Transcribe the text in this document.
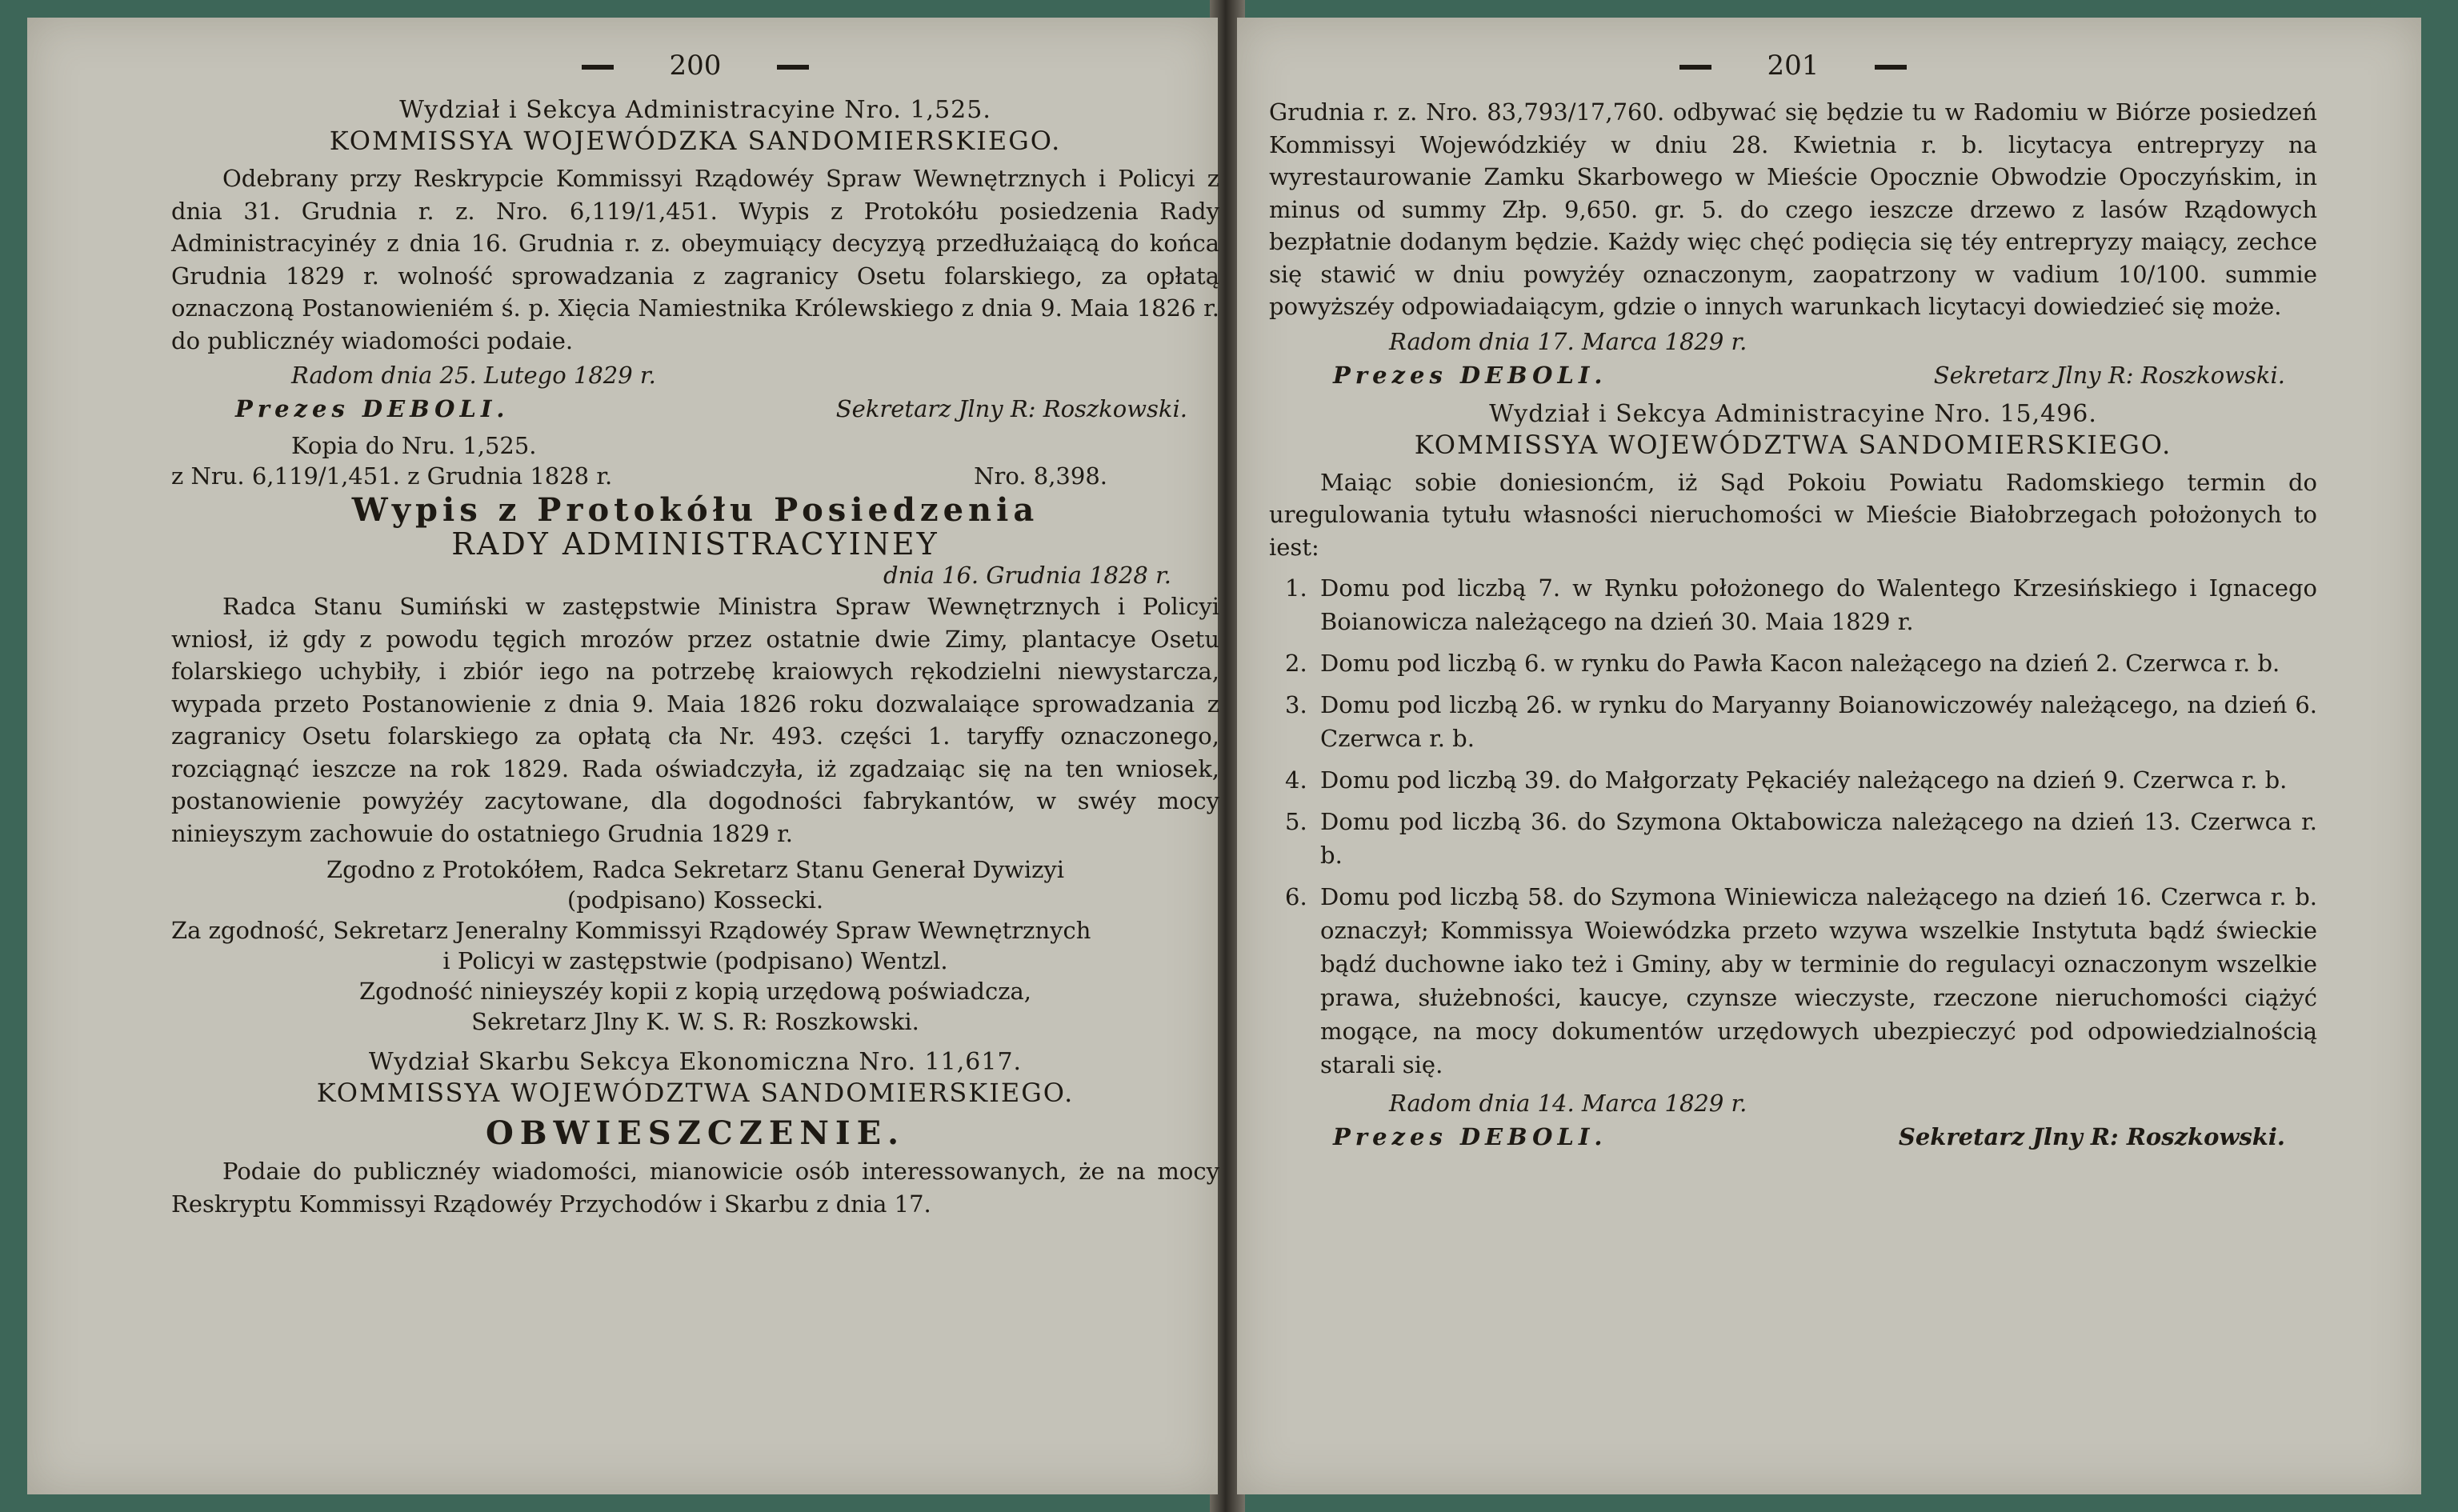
200

Wydział i Sekcya Administracyine Nro. 1,525.

KOMMISSYA WOJEWÓDZKA SANDOMIERSKIEGO.

Odebrany przy Reskrypcie Kommissyi Rządowéy Spraw Wewnętrznych i Policyi z dnia 31. Grudnia r. z. Nro. 6,119/1,451. Wypis z Protokółu posiedzenia Rady Administracyinéy z dnia 16. Grudnia r. z. obeymuiący decyzyą przedłużaiącą do końca Grudnia 1829 r. wolność sprowadzania z zagranicy Osetu folarskiego, za opłatą oznaczoną Postanowieniém ś. p. Xięcia Namiestnika Królewskiego z dnia 9. Maia 1826 r. do publicznéy wiadomości podaie.

Radom dnia 25. Lutego 1829 r.

Prezes DEBOLI.	Sekretarz Jlny R: Roszkowski.

Kopia do Nru. 1,525.

z Nru. 6,119/1,451. z Grudnia 1828 r.	Nro. 8,398.

Wypis z Protokółu Posiedzenia

RADY ADMINISTRACYINEY

dnia 16. Grudnia 1828 r.

Radca Stanu Sumiński w zastępstwie Ministra Spraw Wewnętrznych i Policyi wniosł, iż gdy z powodu tęgich mrozów przez ostatnie dwie Zimy, plantacye Osetu folarskiego uchybiły, i zbiór iego na potrzebę kraiowych rękodzielni niewystarcza, wypada przeto Postanowienie z dnia 9. Maia 1826 roku dozwalaiące sprowadzania z zagranicy Osetu folarskiego za opłatą cła Nr. 493. części 1. taryffy oznaczonego, rozciągnąć ieszcze na rok 1829. Rada oświadczyła, iż zgadzaiąc się na ten wniosek, postanowienie powyżéy zacytowane, dla dogodności fabrykantów, w swéy mocy ninieyszym zachowuie do ostatniego Grudnia 1829 r.

Zgodno z Protokółem, Radca Sekretarz Stanu Generał Dywizyi

(podpisano) Kossecki.

Za zgodność, Sekretarz Jeneralny Kommissyi Rządowéy Spraw Wewnętrznych

i Policyi w zastępstwie (podpisano) Wentzl.

Zgodność ninieyszéy kopii z kopią urzędową poświadcza,

Sekretarz Jlny K. W. S. R: Roszkowski.

Wydział Skarbu Sekcya Ekonomiczna Nro. 11,617.

KOMMISSYA WOJEWÓDZTWA SANDOMIERSKIEGO.

OBWIESZCZENIE.

Podaie do publicznéy wiadomości, mianowicie osób interessowanych, że na mocy Reskryptu Kommissyi Rządowéy Przychodów i Skarbu z dnia 17.

201

Grudnia r. z. Nro. 83,793/17,760. odbywać się będzie tu w Radomiu w Biórze posiedzeń Kommissyi Wojewódzkiéy w dniu 28. Kwietnia r. b. licytacya entrepryzy na wyrestaurowanie Zamku Skarbowego w Mieście Opocznie Obwodzie Opoczyńskim, in minus od summy Złp. 9,650. gr. 5. do czego ieszcze drzewo z lasów Rządowych bezpłatnie dodanym będzie. Każdy więc chęć podięcia się téy entrepryzy maiący, zechce się stawić w dniu powyżéy oznaczonym, zaopatrzony w vadium 10/100. summie powyższéy odpowiadaiącym, gdzie o innych warunkach licytacyi dowiedzieć się może.

Radom dnia 17. Marca 1829 r.

Prezes DEBOLI.	Sekretarz Jlny R: Roszkowski.

Wydział i Sekcya Administracyine Nro. 15,496.

KOMMISSYA WOJEWÓDZTWA SANDOMIERSKIEGO.

Maiąc sobie doniesionćm, iż Sąd Pokoiu Powiatu Radomskiego termin do uregulowania tytułu własności nieruchomości w Mieście Białobrzegach położonych to iest:

1. Domu pod liczbą 7. w Rynku położonego do Walentego Krzesińskiego i Ignacego Boianowicza należącego na dzień 30. Maia 1829 r.
2. Domu pod liczbą 6. w rynku do Pawła Kacon należącego na dzień 2. Czerwca r. b.
3. Domu pod liczbą 26. w rynku do Maryanny Boianowiczowéy należącego, na dzień 6. Czerwca r. b.
4. Domu pod liczbą 39. do Małgorzaty Pękaciéy należącego na dzień 9. Czerwca r. b.
5. Domu pod liczbą 36. do Szymona Oktabowicza należącego na dzień 13. Czerwca r. b.
6. Domu pod liczbą 58. do Szymona Winiewicza należącego na dzień 16. Czerwca r. b. oznaczył; Kommissya Woiewódzka przeto wzywa wszelkie Instytuta bądź świeckie bądź duchowne iako też i Gminy, aby w terminie do regulacyi oznaczonym wszelkie prawa, służebności, kaucye, czynsze wieczyste, rzeczone nieruchomości ciążyć mogące, na mocy dokumentów urzędowych ubezpieczyć pod odpowiedzialnością starali się.

Radom dnia 14. Marca 1829 r.

Prezes DEBOLI.	Sekretarz Jlny R: Roszkowski.
